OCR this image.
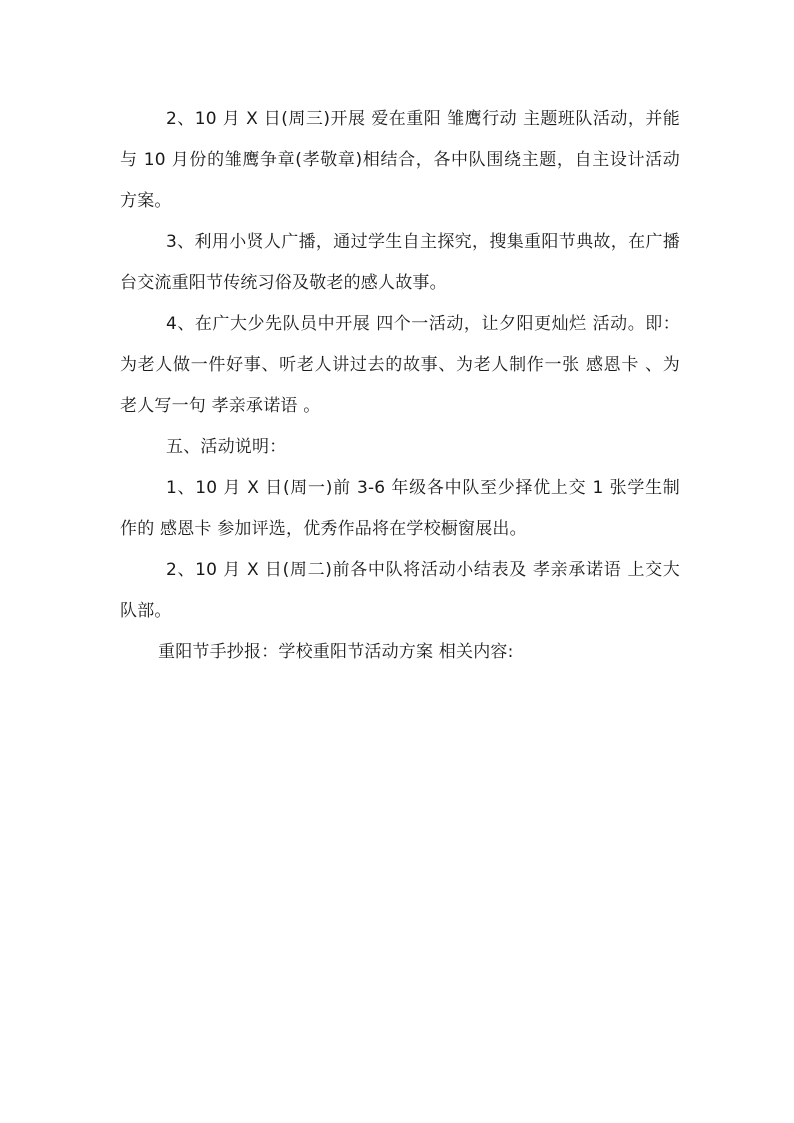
2、10 月 X 日(周三)开展 爱在重阳 雏鹰行动 主题班队活动，并能与 10 月份的雏鹰争章(孝敬章)相结合，各中队围绕主题，自主设计活动方案。

3、利用小贤人广播，通过学生自主探究，搜集重阳节典故，在广播台交流重阳节传统习俗及敬老的感人故事。

4、在广大少先队员中开展 四个一活动，让夕阳更灿烂 活动。即：为老人做一件好事、听老人讲过去的故事、为老人制作一张 感恩卡 、为老人写一句 孝亲承诺语 。

五、活动说明：

1、10 月 X 日(周一)前 3-6 年级各中队至少择优上交 1 张学生制作的 感恩卡 参加评选，优秀作品将在学校橱窗展出。

2、10 月 X 日(周二)前各中队将活动小结表及 孝亲承诺语 上交大队部。

重阳节手抄报：学校重阳节活动方案 相关内容:
